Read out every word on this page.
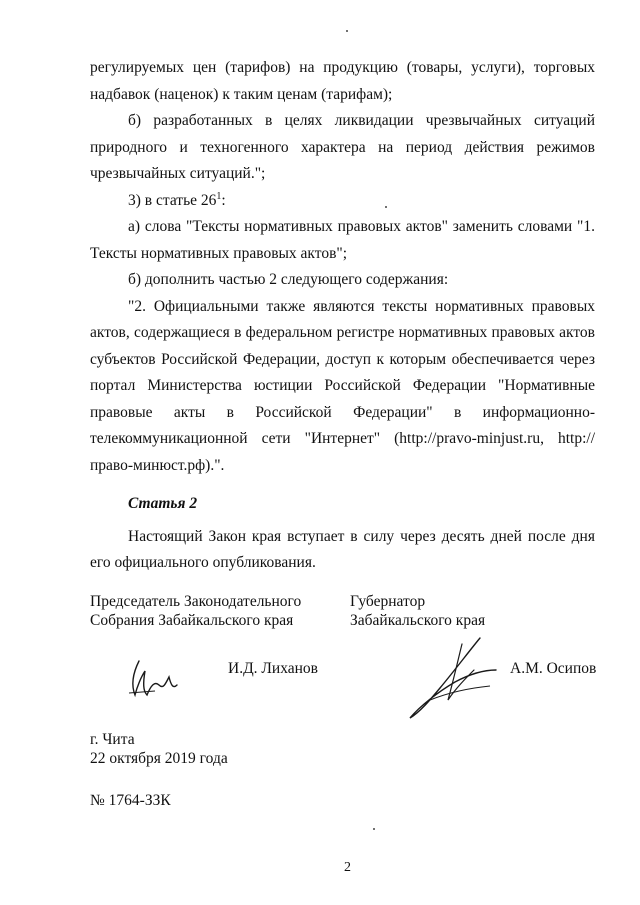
регулируемых цен (тарифов) на продукцию (товары, услуги), торговых надбавок (наценок) к таким ценам (тарифам);

б) разработанных в целях ликвидации чрезвычайных ситуаций природного и техногенного характера на период действия режимов чрезвычайных ситуаций.";

3) в статье $26^1$:

а) слова "Тексты нормативных правовых актов" заменить словами "1. Тексты нормативных правовых актов";

б) дополнить частью 2 следующего содержания:

"2. Официальными также являются тексты нормативных правовых актов, содержащиеся в федеральном регистре нормативных правовых актов субъектов Российской Федерации, доступ к которым обеспечивается через портал Министерства юстиции Российской Федерации "Нормативные правовые акты в Российской Федерации" в информационно-телекоммуникационной сети "Интернет" (http://pravo-minjust.ru, http://право-минюст.рф).".

Статья 2

Настоящий Закон края вступает в силу через десять дней после дня его официального опубликования.

Председатель Законодательного
Собрания Забайкальского края
Губернатор
Забайкальского края
И.Д. Лиханов	А.М. Осипов
г. Чита
22 октября 2019 года
№ 1764-ЗЗК
2
